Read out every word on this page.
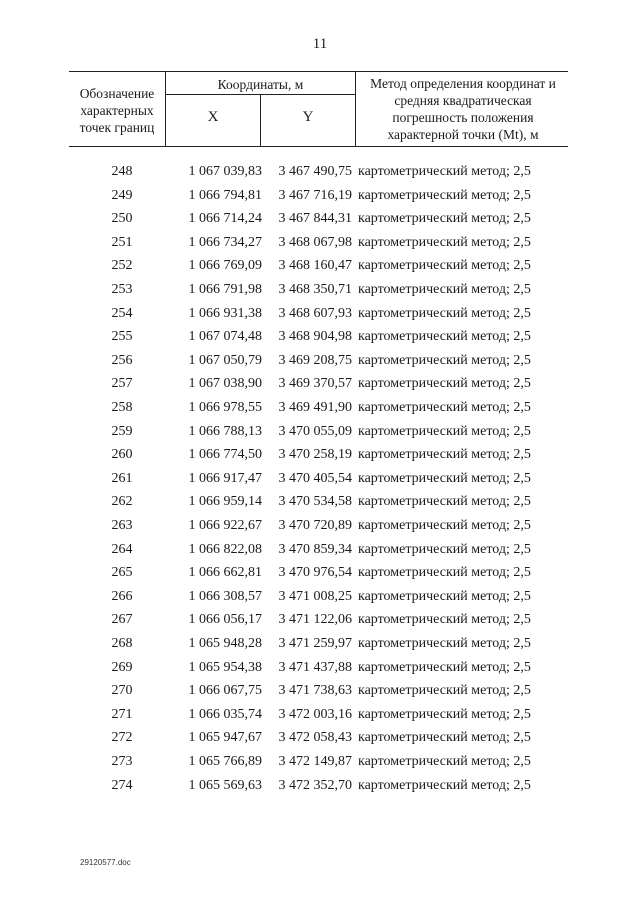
11
Обозначение характерных точек границ
Координаты, м
X	Y
Метод определения координат и средняя квадратическая погрешность положения характерной точки (Mt), м
248	1 067 039,83	3 467 490,75 картометрический метод; 2,5
249	1 066 794,81	3 467 716,19 картометрический метод; 2,5
250	1 066 714,24	3 467 844,31 картометрический метод; 2,5
251	1 066 734,27	3 468 067,98 картометрический метод; 2,5
252	1 066 769,09	3 468 160,47 картометрический метод; 2,5
253	1 066 791,98	3 468 350,71 картометрический метод; 2,5
254	1 066 931,38	3 468 607,93 картометрический метод; 2,5
255	1 067 074,48	3 468 904,98 картометрический метод; 2,5
256	1 067 050,79	3 469 208,75 картометрический метод; 2,5
257	1 067 038,90	3 469 370,57 картометрический метод; 2,5
258	1 066 978,55	3 469 491,90 картометрический метод; 2,5
259	1 066 788,13	3 470 055,09 картометрический метод; 2,5
260	1 066 774,50	3 470 258,19 картометрический метод; 2,5
261	1 066 917,47	3 470 405,54 картометрический метод; 2,5
262	1 066 959,14	3 470 534,58 картометрический метод; 2,5
263	1 066 922,67	3 470 720,89 картометрический метод; 2,5
264	1 066 822,08	3 470 859,34 картометрический метод; 2,5
265	1 066 662,81	3 470 976,54 картометрический метод; 2,5
266	1 066 308,57	3 471 008,25 картометрический метод; 2,5
267	1 066 056,17	3 471 122,06 картометрический метод; 2,5
268	1 065 948,28	3 471 259,97 картометрический метод; 2,5
269	1 065 954,38	3 471 437,88 картометрический метод; 2,5
270	1 066 067,75	3 471 738,63 картометрический метод; 2,5
271	1 066 035,74	3 472 003,16 картометрический метод; 2,5
272	1 065 947,67	3 472 058,43 картометрический метод; 2,5
273	1 065 766,89	3 472 149,87 картометрический метод; 2,5
274	1 065 569,63	3 472 352,70 картометрический метод; 2,5
29120577.doc
